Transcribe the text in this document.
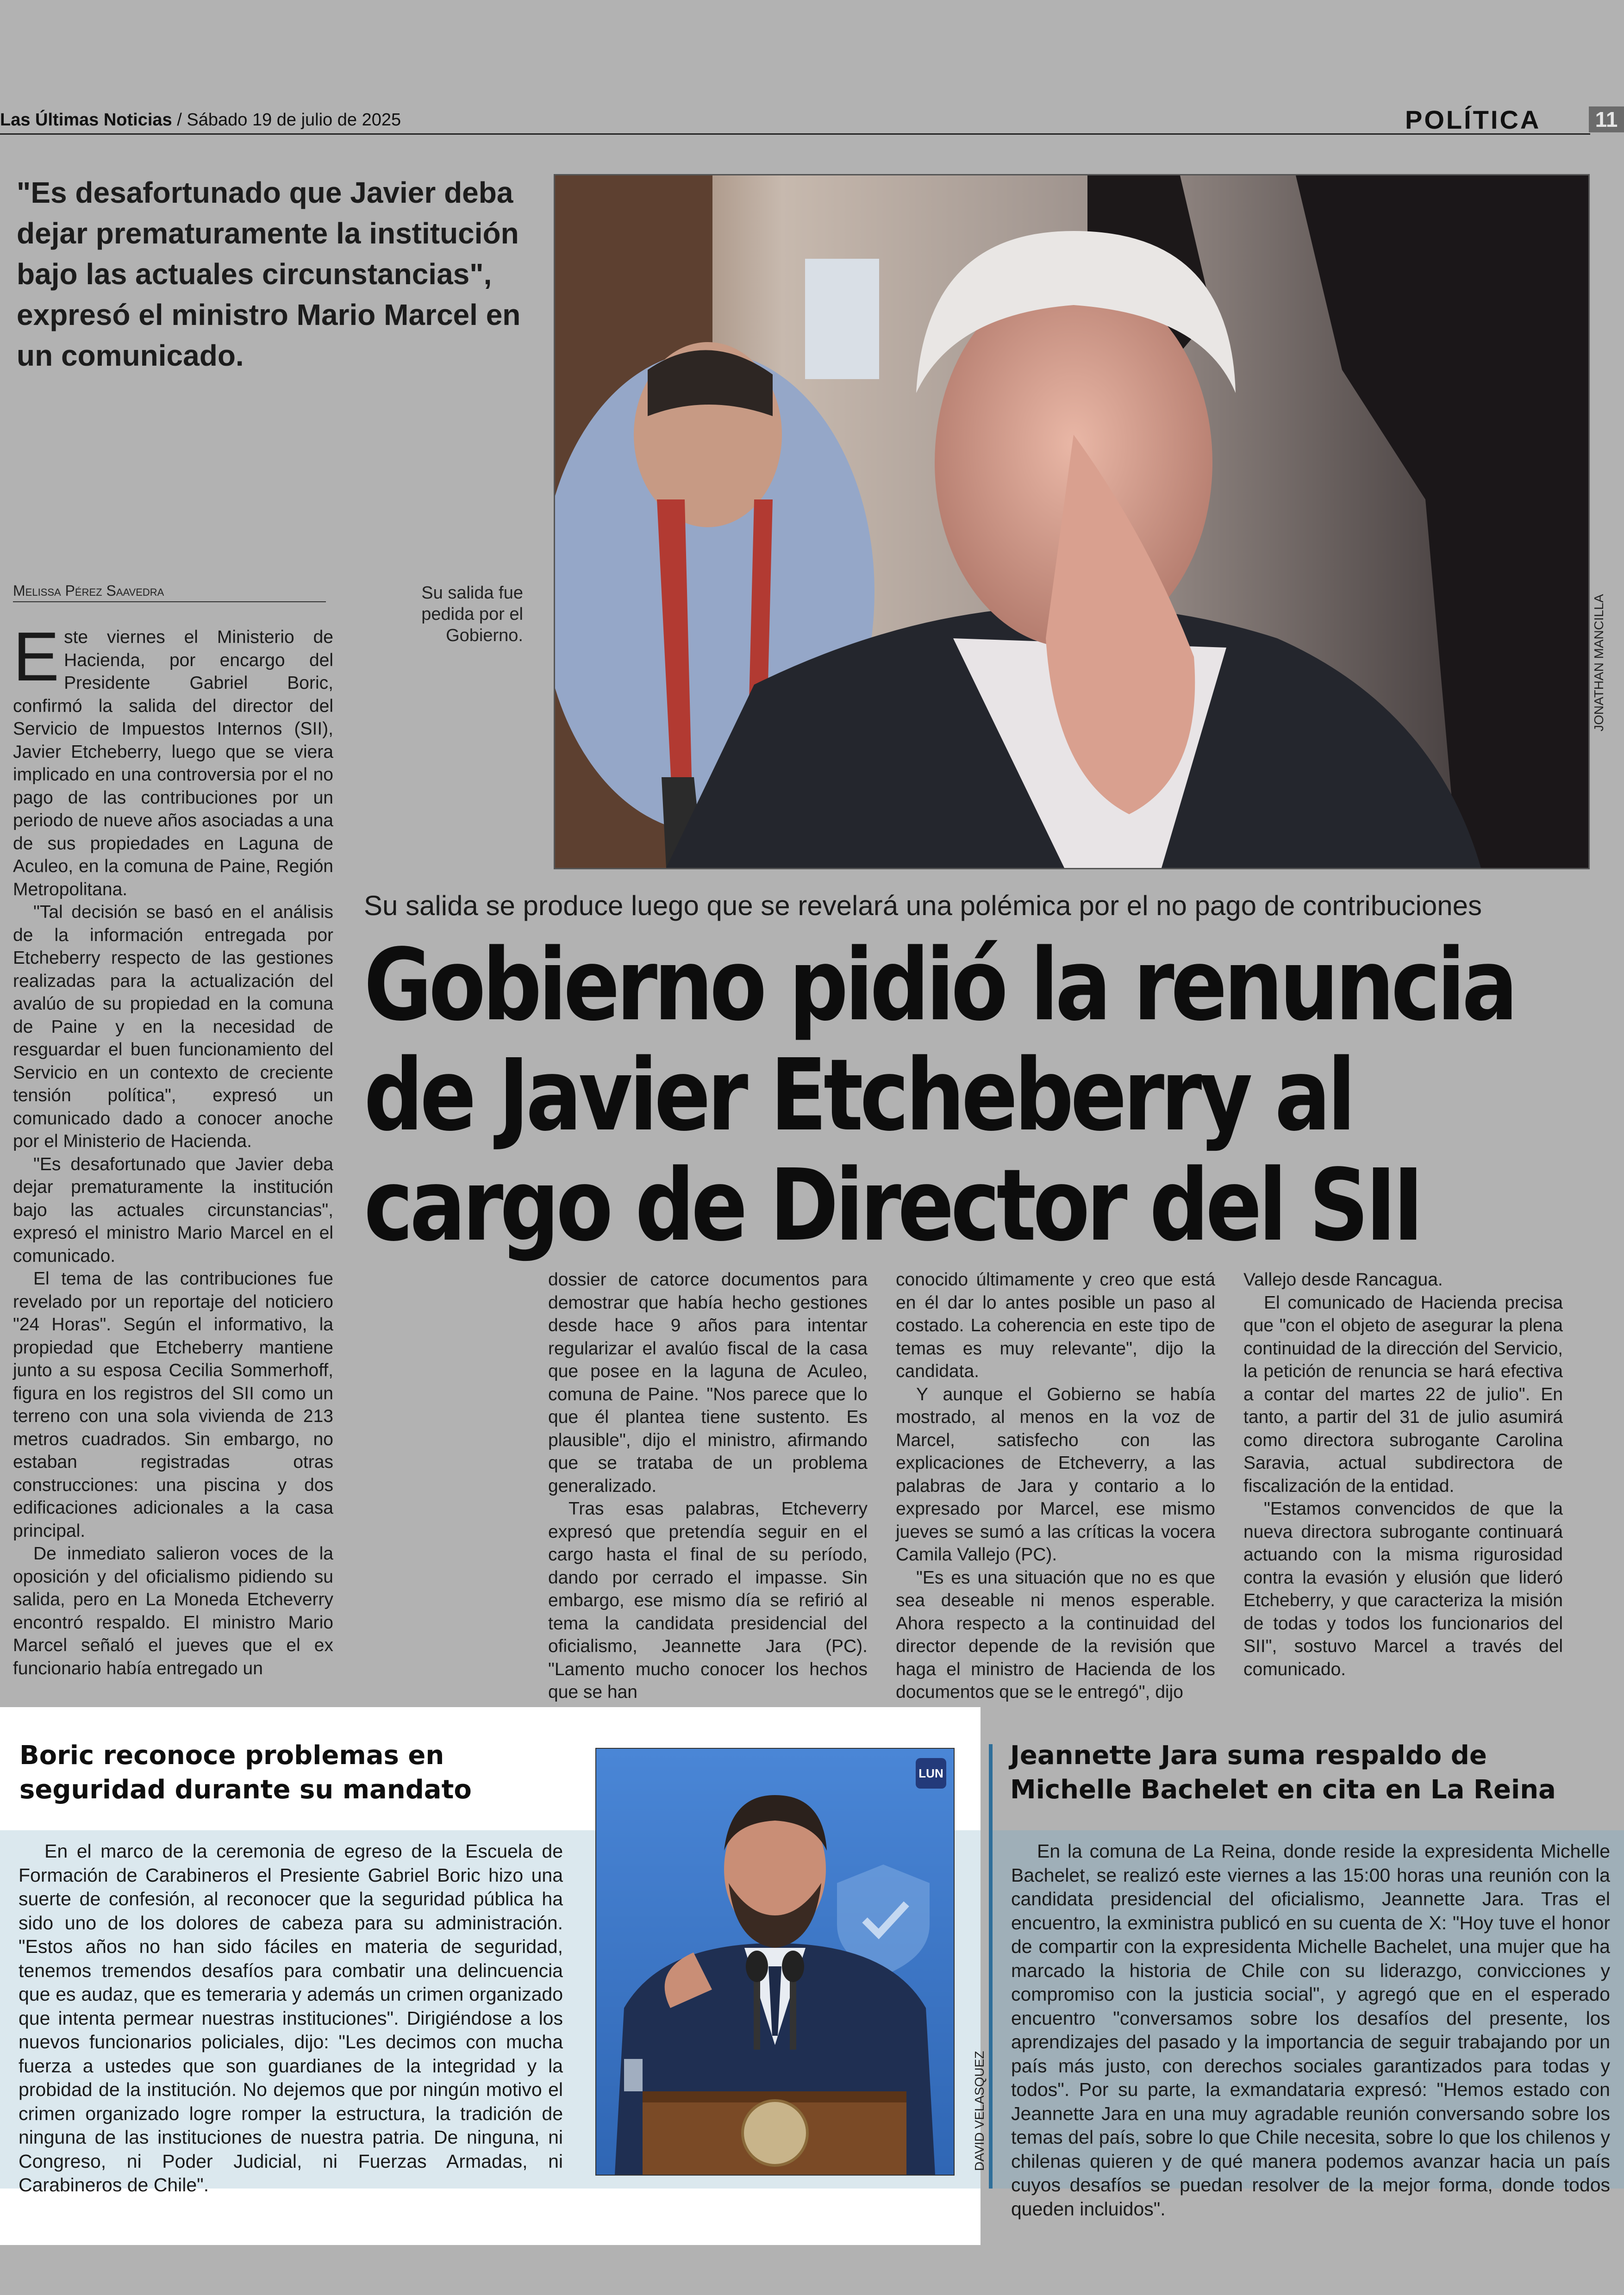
Las Últimas Noticias / Sábado 19 de julio de 2025	POLÍTICA	11
"Es desafortunado que Javier deba dejar prematuramente la institución bajo las actuales circunstancias", expresó el ministro Mario Marcel en un comunicado.
JONATHAN MANCILLA
Su salida fue pedida por el Gobierno.
Melissa Pérez Saavedra
Su salida se produce luego que se revelará una polémica por el no pago de contribuciones
Gobierno pidió la renuncia
de Javier Etcheberry al
cargo de Director del SII

Este viernes el Ministerio de Hacienda, por encargo del Presidente Gabriel Boric, confirmó la salida del director del Servicio de Impuestos Internos (SII), Javier Etcheberry, luego que se viera implicado en una controversia por el no pago de las contribuciones por un periodo de nueve años asociadas a una de sus propiedades en Laguna de Aculeo, en la comuna de Paine, Región Metropolitana.

"Tal decisión se basó en el análisis de la información entregada por Etcheberry respecto de las gestiones realizadas para la actualización del avalúo de su propiedad en la comuna de Paine y en la necesidad de resguardar el buen funcionamiento del Servicio en un contexto de creciente tensión política", expresó un comunicado dado a conocer anoche por el Ministerio de Hacienda.

"Es desafortunado que Javier deba dejar prematuramente la institución bajo las actuales circunstancias", expresó el ministro Mario Marcel en el comunicado.

El tema de las contribuciones fue revelado por un reportaje del noticiero "24 Horas". Según el informativo, la propiedad que Etcheberry mantiene junto a su esposa Cecilia Sommerhoff, figura en los registros del SII como un terreno con una sola vivienda de 213 metros cuadrados. Sin embargo, no estaban registradas otras construcciones: una piscina y dos edificaciones adicionales a la casa principal.

De inmediato salieron voces de la oposición y del oficialismo pidiendo su salida, pero en La Moneda Etcheverry encontró respaldo. El ministro Mario Marcel señaló el jueves que el ex funcionario había entregado un

dossier de catorce documentos para demostrar que había hecho gestiones desde hace 9 años para intentar regularizar el avalúo fiscal de la casa que posee en la laguna de Aculeo, comuna de Paine. "Nos parece que lo que él plantea tiene sustento. Es plausible", dijo el ministro, afirmando que se trataba de un problema generalizado.

Tras esas palabras, Etcheverry expresó que pretendía seguir en el cargo hasta el final de su período, dando por cerrado el impasse. Sin embargo, ese mismo día se refirió al tema la candidata presidencial del oficialismo, Jeannette Jara (PC). "Lamento mucho conocer los hechos que se han

conocido últimamente y creo que está en él dar lo antes posible un paso al costado. La coherencia en este tipo de temas es muy relevante", dijo la candidata.

Y aunque el Gobierno se había mostrado, al menos en la voz de Marcel, satisfecho con las explicaciones de Etcheverry, a las palabras de Jara y contario a lo expresado por Marcel, ese mismo jueves se sumó a las críticas la vocera Camila Vallejo (PC).

"Es es una situación que no es que sea deseable ni menos esperable. Ahora respecto a la continuidad del director depende de la revisión que haga el ministro de Hacienda de los documentos que se le entregó", dijo

Vallejo desde Rancagua.

El comunicado de Hacienda precisa que "con el objeto de asegurar la plena continuidad de la dirección del Servicio, la petición de renuncia se hará efectiva a contar del martes 22 de julio". En tanto, a partir del 31 de julio asumirá como directora subrogante Carolina Saravia, actual subdirectora de fiscalización de la entidad.

"Estamos convencidos de que la nueva directora subrogante continuará actuando con la misma rigurosidad contra la evasión y elusión que lideró Etcheberry, y que caracteriza la misión de todas y todos los funcionarios del SII", sostuvo Marcel a través del comunicado.

Boric reconoce problemas en
seguridad durante su mandato
En el marco de la ceremonia de egreso de la Escuela de Formación de Carabineros el Presiente Gabriel Boric hizo una suerte de confesión, al reconocer que la seguridad pública ha sido uno de los dolores de cabeza para su administración. "Estos años no han sido fáciles en materia de seguridad, tenemos tremendos desafíos para combatir una delincuencia que es audaz, que es temeraria y además un crimen organizado que intenta permear nuestras instituciones". Dirigiéndose a los nuevos funcionarios policiales, dijo: "Les decimos con mucha fuerza a ustedes que son guardianes de la integridad y la probidad de la institución. No dejemos que por ningún motivo el crimen organizado logre romper la estructura, la tradición de ninguna de las instituciones de nuestra patria. De ninguna, ni Congreso, ni Poder Judicial, ni Fuerzas Armadas, ni Carabineros de Chile".
LUN
DAVID VELASQUEZ
Jeannette Jara suma respaldo de
Michelle Bachelet en cita en La Reina
En la comuna de La Reina, donde reside la expresidenta Michelle Bachelet, se realizó este viernes a las 15:00 horas una reunión con la candidata presidencial del oficialismo, Jeannette Jara. Tras el encuentro, la exministra publicó en su cuenta de X: "Hoy tuve el honor de compartir con la expresidenta Michelle Bachelet, una mujer que ha marcado la historia de Chile con su liderazgo, convicciones y compromiso con la justicia social", y agregó que en el esperado encuentro "conversamos sobre los desafíos del presente, los aprendizajes del pasado y la importancia de seguir trabajando por un país más justo, con derechos sociales garantizados para todas y todos". Por su parte, la exmandataria expresó: "Hemos estado con Jeannette Jara en una muy agradable reunión conversando sobre los temas del país, sobre lo que Chile necesita, sobre lo que los chilenos y chilenas quieren y de qué manera podemos avanzar hacia un país cuyos desafíos se puedan resolver de la mejor forma, donde todos queden incluidos".
